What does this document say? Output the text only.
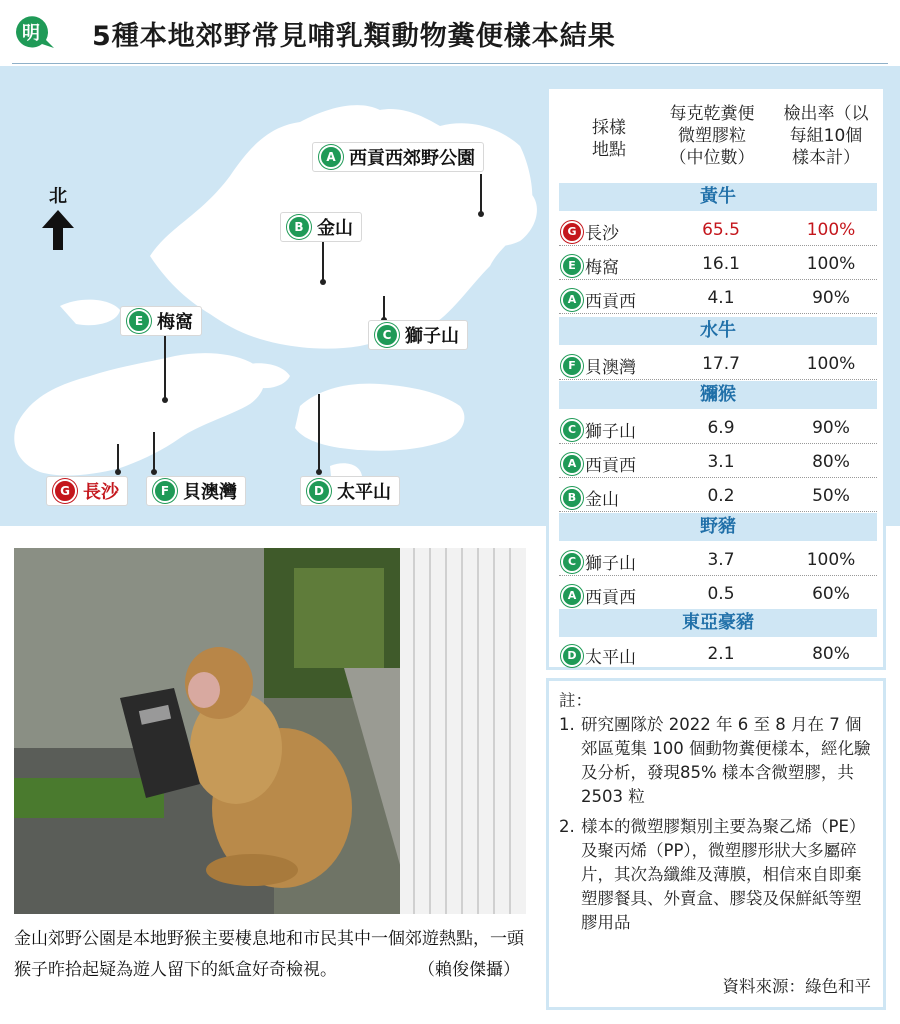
明 5種本地郊野常見哺乳類動物糞便樣本結果
北
A 西貢西郊野公園
B 金山
C 獅子山
D 太平山
E 梅窩
F 貝澳灣
G 長沙
金山郊野公園是本地野猴主要棲息地和市民其中一個郊遊熱點，一頭猴子昨拾起疑為遊人留下的紙盒好奇檢視。	（賴俊傑攝）
採樣
地點
每克乾糞便
微塑膠粒
（中位數）
檢出率（以
每組10個
樣本計）
黃牛
G 長沙	65.5	100%
E 梅窩	16.1	100%
A 西貢西	4.1	90%
水牛
F 貝澳灣	17.7	100%
獼猴
C 獅子山	6.9	90%
A 西貢西	3.1	80%
B 金山	0.2	50%
野豬
C 獅子山	3.7	100%
A 西貢西	0.5	60%
東亞豪豬
D 太平山	2.1	80%
註：
1. 研究團隊於 2022 年 6 至 8 月在 7 個郊區蒐集 100 個動物糞便樣本，經化驗及分析，發現85% 樣本含微塑膠，共2503 粒
2. 樣本的微塑膠類別主要為聚乙烯（PE）及聚丙烯（PP），微塑膠形狀大多屬碎片，其次為纖維及薄膜，相信來自即棄塑膠餐具、外賣盒、膠袋及保鮮紙等塑膠用品
資料來源：綠色和平
